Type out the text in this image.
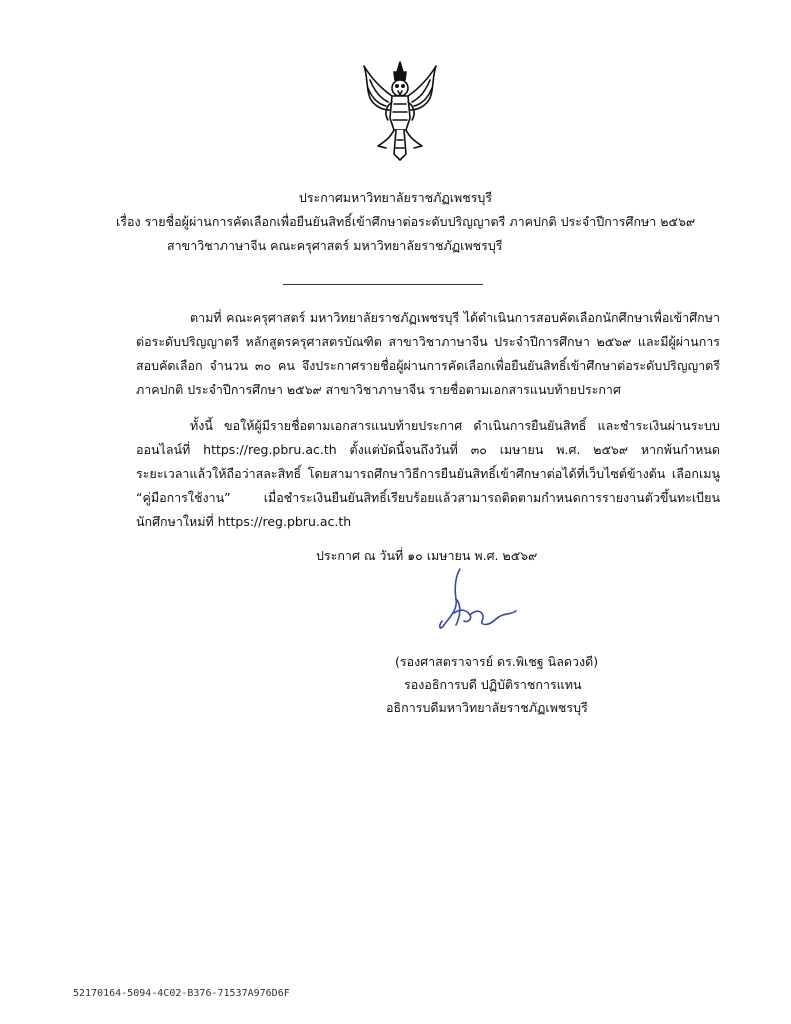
ประกาศมหาวิทยาลัยราชภัฏเพชรบุรี
เรื่อง รายชื่อผู้ผ่านการคัดเลือกเพื่อยืนยันสิทธิ์เข้าศึกษาต่อระดับปริญญาตรี ภาคปกติ ประจำปีการศึกษา ๒๕๖๙
สาขาวิชาภาษาจีน คณะครุศาสตร์ มหาวิทยาลัยราชภัฏเพชรบุรี
ตามที่ คณะครุศาสตร์ มหาวิทยาลัยราชภัฏเพชรบุรี ได้ดำเนินการสอบคัดเลือกนักศึกษาเพื่อเข้าศึกษา
ต่อระดับปริญญาตรี หลักสูตรครุศาสตรบัณฑิต สาขาวิชาภาษาจีน ประจำปีการศึกษา ๒๕๖๙ และมีผู้ผ่านการ
สอบคัดเลือก จำนวน ๓๐ คน จึงประกาศรายชื่อผู้ผ่านการคัดเลือกเพื่อยืนยันสิทธิ์เข้าศึกษาต่อระดับปริญญาตรี
ภาคปกติ ประจำปีการศึกษา ๒๕๖๙ สาขาวิชาภาษาจีน รายชื่อตามเอกสารแนบท้ายประกาศ
ทั้งนี้ ขอให้ผู้มีรายชื่อตามเอกสารแนบท้ายประกาศ ดำเนินการยืนยันสิทธิ์ และชำระเงินผ่านระบบ
ออนไลน์ที่ https://reg.pbru.ac.th ตั้งแต่บัดนี้จนถึงวันที่ ๓๐ เมษายน พ.ศ. ๒๕๖๙ หากพ้นกำหนด
ระยะเวลาแล้วให้ถือว่าสละสิทธิ์ โดยสามารถศึกษาวิธีการยืนยันสิทธิ์เข้าศึกษาต่อได้ที่เว็บไซต์ข้างต้น เลือกเมนู
“คู่มือการใช้งาน” เมื่อชำระเงินยืนยันสิทธิ์เรียบร้อยแล้วสามารถติดตามกำหนดการรายงานตัวขึ้นทะเบียน
นักศึกษาใหม่ที่ https://reg.pbru.ac.th
ประกาศ ณ วันที่ ๑๐ เมษายน พ.ศ. ๒๕๖๙
(รองศาสตราจารย์ ดร.พิเชฐ นิลดวงดี)
รองอธิการบดี ปฏิบัติราชการแทน
อธิการบดีมหาวิทยาลัยราชภัฏเพชรบุรี
52170164-5094-4C02-B376-71537A976D6F
